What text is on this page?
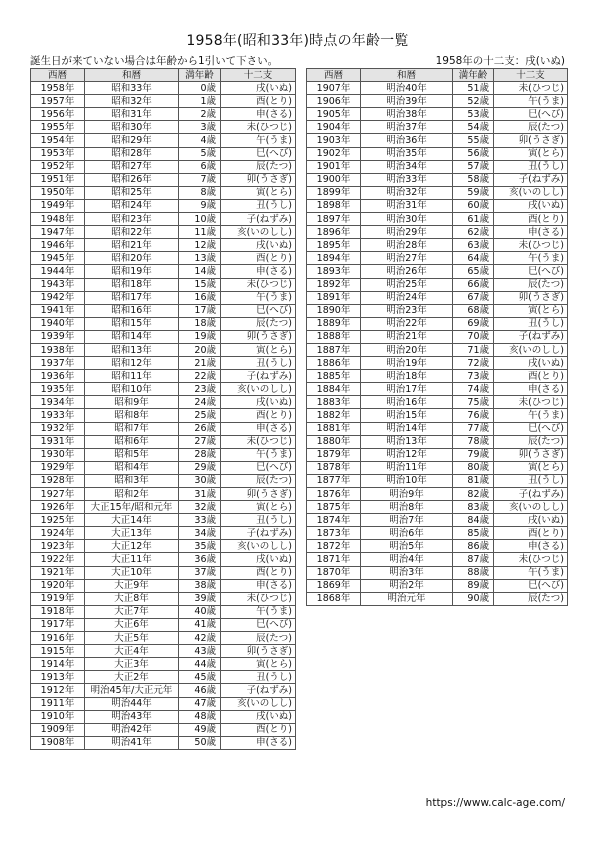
1958年(昭和33年)時点の年齢一覧
誕生日が来ていない場合は年齢から1引いて下さい。	1958年の十二支：戌(いぬ)
西暦	和暦	満年齢	十二支
1958年	昭和33年	0歳	戌(いぬ)
1957年	昭和32年	1歳	酉(とり)
1956年	昭和31年	2歳	申(さる)
1955年	昭和30年	3歳	未(ひつじ)
1954年	昭和29年	4歳	午(うま)
1953年	昭和28年	5歳	巳(へび)
1952年	昭和27年	6歳	辰(たつ)
1951年	昭和26年	7歳	卯(うさぎ)
1950年	昭和25年	8歳	寅(とら)
1949年	昭和24年	9歳	丑(うし)
1948年	昭和23年	10歳	子(ねずみ)
1947年	昭和22年	11歳	亥(いのしし)
1946年	昭和21年	12歳	戌(いぬ)
1945年	昭和20年	13歳	酉(とり)
1944年	昭和19年	14歳	申(さる)
1943年	昭和18年	15歳	未(ひつじ)
1942年	昭和17年	16歳	午(うま)
1941年	昭和16年	17歳	巳(へび)
1940年	昭和15年	18歳	辰(たつ)
1939年	昭和14年	19歳	卯(うさぎ)
1938年	昭和13年	20歳	寅(とら)
1937年	昭和12年	21歳	丑(うし)
1936年	昭和11年	22歳	子(ねずみ)
1935年	昭和10年	23歳	亥(いのしし)
1934年	昭和9年	24歳	戌(いぬ)
1933年	昭和8年	25歳	酉(とり)
1932年	昭和7年	26歳	申(さる)
1931年	昭和6年	27歳	未(ひつじ)
1930年	昭和5年	28歳	午(うま)
1929年	昭和4年	29歳	巳(へび)
1928年	昭和3年	30歳	辰(たつ)
1927年	昭和2年	31歳	卯(うさぎ)
1926年	大正15年/昭和元年	32歳	寅(とら)
1925年	大正14年	33歳	丑(うし)
1924年	大正13年	34歳	子(ねずみ)
1923年	大正12年	35歳	亥(いのしし)
1922年	大正11年	36歳	戌(いぬ)
1921年	大正10年	37歳	酉(とり)
1920年	大正9年	38歳	申(さる)
1919年	大正8年	39歳	未(ひつじ)
1918年	大正7年	40歳	午(うま)
1917年	大正6年	41歳	巳(へび)
1916年	大正5年	42歳	辰(たつ)
1915年	大正4年	43歳	卯(うさぎ)
1914年	大正3年	44歳	寅(とら)
1913年	大正2年	45歳	丑(うし)
1912年	明治45年/大正元年	46歳	子(ねずみ)
1911年	明治44年	47歳	亥(いのしし)
1910年	明治43年	48歳	戌(いぬ)
1909年	明治42年	49歳	酉(とり)
1908年	明治41年	50歳	申(さる)
西暦	和暦	満年齢	十二支
1907年	明治40年	51歳	未(ひつじ)
1906年	明治39年	52歳	午(うま)
1905年	明治38年	53歳	巳(へび)
1904年	明治37年	54歳	辰(たつ)
1903年	明治36年	55歳	卯(うさぎ)
1902年	明治35年	56歳	寅(とら)
1901年	明治34年	57歳	丑(うし)
1900年	明治33年	58歳	子(ねずみ)
1899年	明治32年	59歳	亥(いのしし)
1898年	明治31年	60歳	戌(いぬ)
1897年	明治30年	61歳	酉(とり)
1896年	明治29年	62歳	申(さる)
1895年	明治28年	63歳	未(ひつじ)
1894年	明治27年	64歳	午(うま)
1893年	明治26年	65歳	巳(へび)
1892年	明治25年	66歳	辰(たつ)
1891年	明治24年	67歳	卯(うさぎ)
1890年	明治23年	68歳	寅(とら)
1889年	明治22年	69歳	丑(うし)
1888年	明治21年	70歳	子(ねずみ)
1887年	明治20年	71歳	亥(いのしし)
1886年	明治19年	72歳	戌(いぬ)
1885年	明治18年	73歳	酉(とり)
1884年	明治17年	74歳	申(さる)
1883年	明治16年	75歳	未(ひつじ)
1882年	明治15年	76歳	午(うま)
1881年	明治14年	77歳	巳(へび)
1880年	明治13年	78歳	辰(たつ)
1879年	明治12年	79歳	卯(うさぎ)
1878年	明治11年	80歳	寅(とら)
1877年	明治10年	81歳	丑(うし)
1876年	明治9年	82歳	子(ねずみ)
1875年	明治8年	83歳	亥(いのしし)
1874年	明治7年	84歳	戌(いぬ)
1873年	明治6年	85歳	酉(とり)
1872年	明治5年	86歳	申(さる)
1871年	明治4年	87歳	未(ひつじ)
1870年	明治3年	88歳	午(うま)
1869年	明治2年	89歳	巳(へび)
1868年	明治元年	90歳	辰(たつ)
https://www.calc-age.com/
